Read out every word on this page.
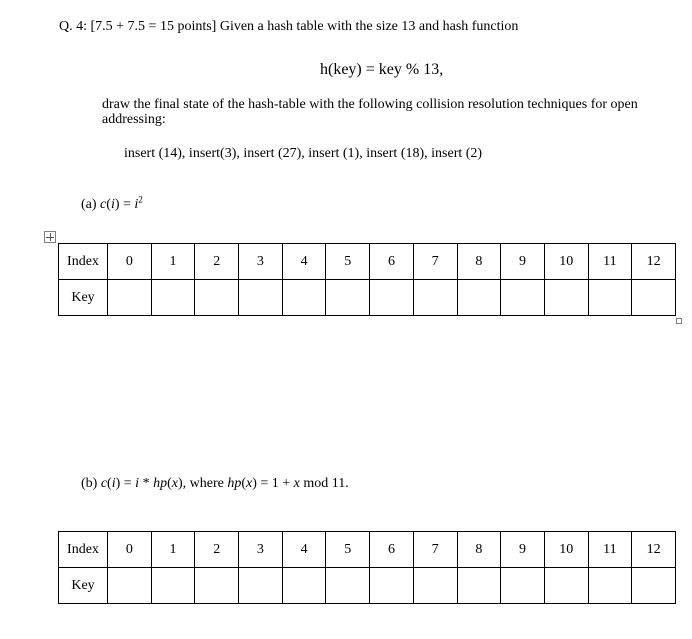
Q. 4: [7.5 + 7.5 = 15 points] Given a hash table with the size 13 and hash function
h(key) = key % 13,
draw the final state of the hash-table with the following collision resolution techniques for open addressing:
insert (14), insert(3), insert (27), insert (1), insert (18), insert (2)
(a) $c(i) = i^2$
Index	0	1	2	3	4	5	6	7	8	9	10	11	12
Key													
(b) c(i) = i * hp(x), where hp(x) = 1 + x mod 11.
Index	0	1	2	3	4	5	6	7	8	9	10	11	12
Key													
